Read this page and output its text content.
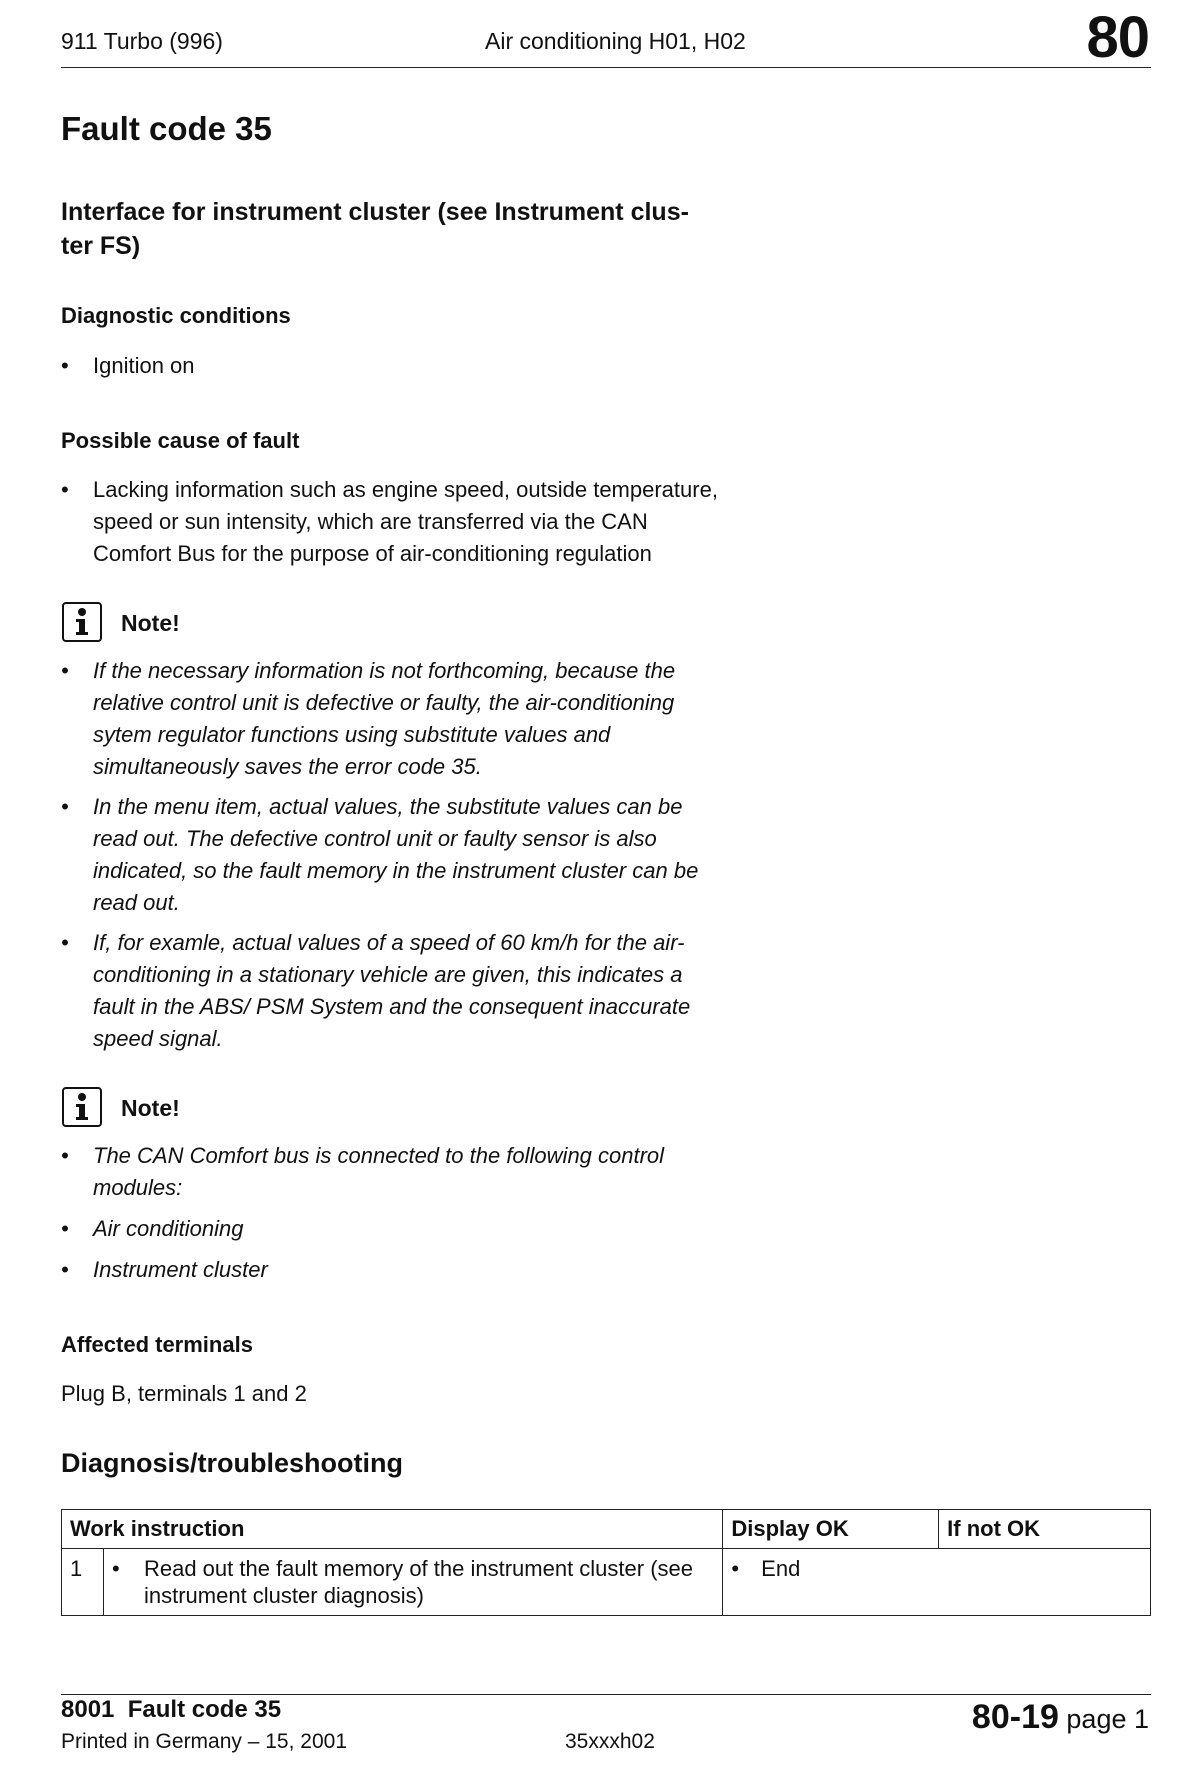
911 Turbo (996)	Air conditioning H01, H02	80
Fault code 35
Interface for instrument cluster (see Instrument clus-ter FS)
Diagnostic conditions
•	Ignition on
Possible cause of fault
•	Lacking information such as engine speed, outside temperature, speed or sun intensity, which are transferred via the CAN Comfort Bus for the purpose of air-conditioning regulation
Note!
•	If the necessary information is not forthcoming, because the relative control unit is defective or faulty, the air-conditioning sytem regulator functions using substitute values and simultaneously saves the error code 35.
•	In the menu item, actual values, the substitute values can be read out. The defective control unit or faulty sensor is also indicated, so the fault memory in the instrument cluster can be read out.
•	If, for examle, actual values of a speed of 60 km/h for the air-conditioning in a stationary vehicle are given, this indicates a fault in the ABS/ PSM System and the consequent inaccurate speed signal.
Note!
•	The CAN Comfort bus is connected to the following control modules:
•	Air conditioning
•	Instrument cluster
Affected terminals
Plug B, terminals 1 and 2
Diagnosis/troubleshooting
Work instruction		Display OK	If not OK
1	• Read out the fault memory of the instrument cluster (see instrument cluster diagnosis)	• End	
8001  Fault code 35
Printed in Germany – 15, 2001	35xxxh02
80-19 page 1
